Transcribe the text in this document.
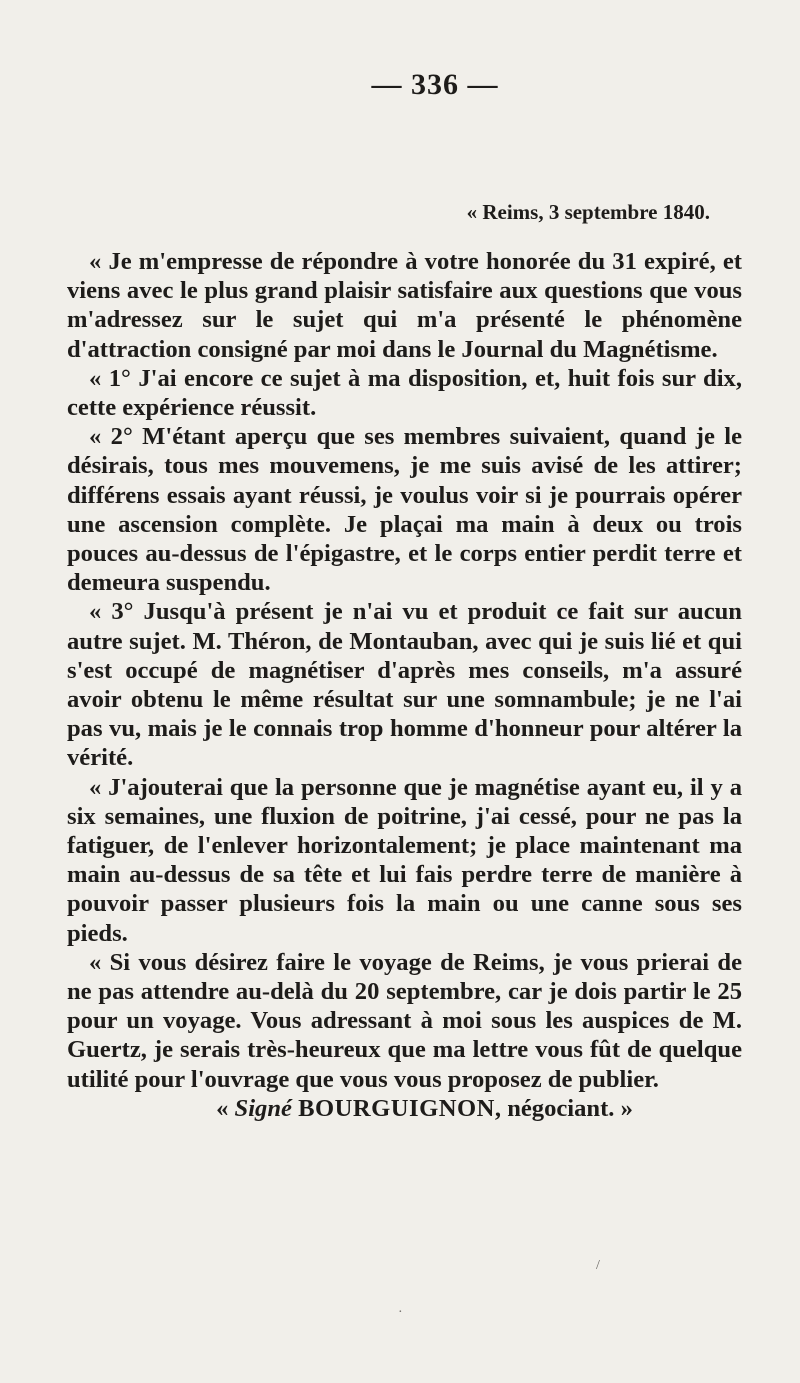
— 336 —
« Reims, 3 septembre 1840.

« Je m'empresse de répondre à votre honorée du 31 expiré, et viens avec le plus grand plaisir satisfaire aux questions que vous m'adressez sur le sujet qui m'a présenté le phénomène d'attraction consigné par moi dans le Journal du Magnétisme.

« 1° J'ai encore ce sujet à ma disposition, et, huit fois sur dix, cette expérience réussit.

« 2° M'étant aperçu que ses membres suivaient, quand je le désirais, tous mes mouvemens, je me suis avisé de les attirer; différens essais ayant réussi, je voulus voir si je pourrais opérer une ascension complète. Je plaçai ma main à deux ou trois pouces au-dessus de l'épigastre, et le corps entier perdit terre et demeura suspendu.

« 3° Jusqu'à présent je n'ai vu et produit ce fait sur aucun autre sujet. M. Théron, de Montauban, avec qui je suis lié et qui s'est occupé de magnétiser d'après mes conseils, m'a assuré avoir obtenu le même résultat sur une somnambule; je ne l'ai pas vu, mais je le connais trop homme d'honneur pour altérer la vérité.

« J'ajouterai que la personne que je magnétise ayant eu, il y a six semaines, une fluxion de poitrine, j'ai cessé, pour ne pas la fatiguer, de l'enlever horizontalement; je place maintenant ma main au-dessus de sa tête et lui fais perdre terre de manière à pouvoir passer plusieurs fois la main ou une canne sous ses pieds.

« Si vous désirez faire le voyage de Reims, je vous prierai de ne pas attendre au-delà du 20 septembre, car je dois partir le 25 pour un voyage. Vous adressant à moi sous les auspices de M. Guertz, je serais très-heureux que ma lettre vous fût de quelque utilité pour l'ouvrage que vous vous proposez de publier.

« Signé BOURGUIGNON, négociant. »
/
·
